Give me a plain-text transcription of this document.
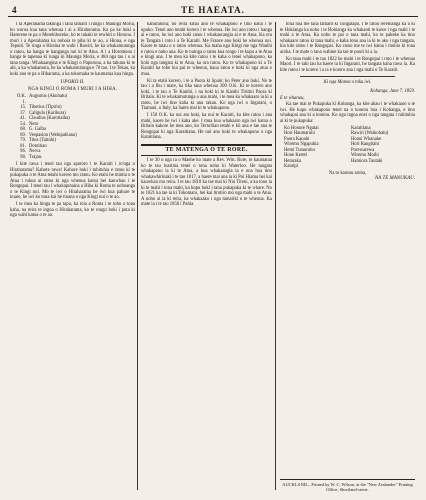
4	TE HAEATA.

I ta Aperahama takunga i tana tamaiti i runga i Maunga Moria, ho wurua kua tana whenua i ai a Hirahurama. Ka pa ke hoki a Harerene te pa o Merekihoreke, ko te tahaki te rewhiti o Horuno. I muri i a Aperahama ka nohoia te piha ki te ao, a Hiona, e nga Tepuiti. Te ringa o Hiraina te wahi i Rawiri, he ka whakamutunga o ratou, ka hanga te hanganga nui ki te Atua. A i a Horomona i hanga te tapenaa ki runga ki Maunga Moria, e 484 nga tau i u ai tana tanga. Whakaangina e te Kingi o Papurona, a ka tahuna ki te ahi, a ka whakamoia, he ka whakamutunga e 70 tau. I te Tekau, ka hoki ano te pa o Hiharama, a ka tokomaha te kaumatua kua hinga.

UPOKO II.
NGA KINGI O ROMA I MURI I A HIHA.
O.K. 1.
Augustus (Akuhatu)
15. Tiberius (Tipirio)
37. Caligula (Karikura)
41. Claudius (Karotiaiha)
54. Nero
68. G. Galba
69. Vespasion (Wehipahiana)
79. Titus (Taituhi)
81. Domitian
96. Nerva
98. Trajan.

I kite rawa i tenei tau nga apotoro i te Karaiti i ro'nga o Hiraharama? Kahore rawa! Kahore hoki i tuhituhia e ratou ki te pukapuka o te Atua tetahi korero mo ratou. Ko etahi he minita o te Atua i tukua ai ratou ki nga whenua katoa hei kauwhau i te Rongopai. I tenei tau i whakaputaina a Hiha ki Roma te nohoanga o te Kingi nui. Mo te iwi o Hiraharama he iwi kua pahure te kuare, he iwi ko tona kai he tinana o nga Kingi nui o te ao.

I te mea ka hinga te pa tapu, ka toia a Roma i te tohu o tona kaha, na reira te ingoa o Hiraharama, ko te rongo hoki i puta ki nga wahi katoa o te ao.

kahurahora; no reira kihai ano te whakapono e tino kaha i te upoko. Tenei ano tetahi korero i te whenua. He iwi ano ratou i hanga ai e ratou, he iwi ano hoki ratou i whakaorangia ai e te Atua. Ka ora te Tangata i roto i a Te Karaiti. Me France ano hoki he whenua nui. Kaore te tatau o o ratou whenua. Ka maha nga Kingi me nga Wanihi e ratou e noho ana. Ko te nuinga o ratou kua rongo i te kupu a te Atua e kingi ana. I te mea ka kite ratou i te kaha o tenei whakapono, ka hoki nga tangata ki te Atua, ka ora ratou. Ko te whakapono ki a Te Karaiti ka tohe kia pai te whenua, kaua ratou e hoki ki nga atua o mua.

Ki ta etahi korero, i te a Paora ki Spain; ko Peter ano hoki. No te tau i a Ihu i mate, ka tika tana whenua 300 O.K. Ki te korero ano hoki, i te tau o Te Kanihi, i na hoki ki te Kanihi Tiritini Paora ki Britain. Ki te whakamutunga o ana mahi, i te mea ka whakaaro ia ki a ratou, he iwi tino kaha ki ana rakau. Ko nga iwi o Ingarani, o Tiamani, o Italy, ka haere mai ki te whakapono.

I 150 O.K. ka nui atu hoki, ka nui te Karaiti, ka kite ratou i ana mahi, kaore he iwi i kaha ake. I mua kua whakaaro nga iwi katoa o Britain kahore he mea ano, ko Tertullian tetahi e kii ana e tae ana te Rongopai ki nga Karaitiana. He nui ano hoki te whakapono o nga Karaitiana.

TE MATENGA O TE RORE.

I te 30 o nga ra o Maehe ko mate a Rev. Wm. Rore, te kaumatua ko te tau tuarima tenei o tona noho ki Waterloo. He tangata whakapono ia ki te Atua, a kua whakaangia ia e ona hoa tino whakawhirinaki i te tau 1817, a haere mai ana ia ki Poi Hiama hei kai kauwhau mo reira. I te tau 1818 ka tae mai ki Niu Tireni, a ka tono ia ki te mahi i tona mahi, ka hopu hoki i tana pukapuka ki te whare. No te 1821 ka tae ia ki Tokomaru, hei kai tirotiro mo nga mahi o te Atua. A noho ai ia ki reira, ka whakaako i nga tamariki o te whenua. Ka mate ia i te tau 1858 i Pahia.

tona hoa me tana tamaiti ki Tongatapu. I te ratou reremanga ka u ki te Hokianga ka noho i te Hokianga ka whakaoti te kawe i nga mahi i te mahi a te Atua. Ka noho te pai o tana mahi, ko te pakeke ka tino whakaaro ratou ki tana mahi, e kaha tonu ana ia ki te ako i nga tangata, kia kite ratou i te Rongopai. Ko ratou me te iwi katoa i mohio ki tona aroha. I te mate o tana wahine ka tae te pouri ki a ia.

Ko tana mahi i te tau 1822 he mahi i te Rongopai i roto i te whenua Maori. I te tahi tau ka haere ia ki Ingarani, he tangata kaha rawa ia. Ka kite ratou i te korero i a ia e korero ana i nga mahi o Te Karaiti.

Ki nga Manea o toku iwi.

Kohanga, June 7, 1859.

E te whanau,

Ka tae mai te Pukapuka ki Kohanga, ka kite ahau i te whakaaro o te iwi. He kupu whakapono tenei na o koutou hoa i Kohanga, e tino whakapai ana ki a koutou. Ko nga ingoa enei o nga tangata i tuhituhia ai ki te pukapuka:

Ko Honore Ngatai	Karaitiana
Hori Haumaruhi	Rawiri (Waikohatu)
Paora Kanahi	Hoani Whanake
Wiremu Ngapuhia	Hori Rangitahi
Hemi Tutauruhu	Porewarewa
Hone Kereti	Wiremu Moihi
Hetaraka	Hamiora Tautaki
Karaipi

Na to koutou aroha,

NA TE MANUKAU.

AUCKLAND—Printed by W. C. Wilson, at the "New Zealander" Printing Office, Shortland-street.
